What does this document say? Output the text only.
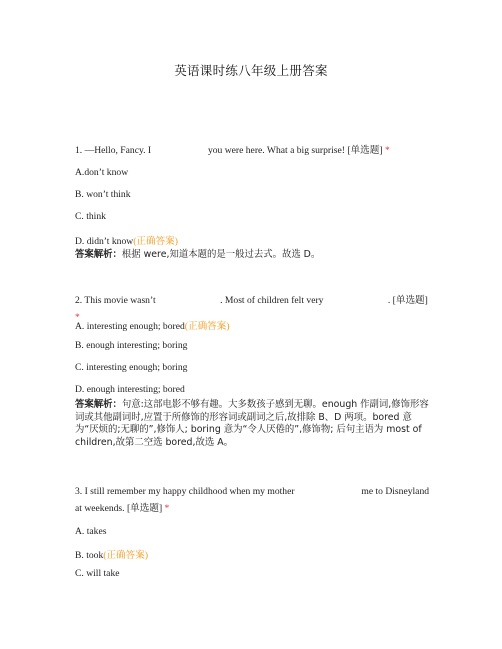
英语课时练八年级上册答案
1. —Hello, Fancy. I	you were here. What a big surprise! [单选题] *
A.don’t know
B. won’t think
C. think
D. didn’t know(正确答案)
答案解析：根据 were,知道本题的是一般过去式。故选 D。
2. This movie wasn’t	. Most of children felt very	. [单选题] *
A. interesting enough; bored(正确答案)
B. enough interesting; boring
C. interesting enough; boring
D. enough interesting; bored
答案解析：句意:这部电影不够有趣。大多数孩子感到无聊。enough 作副词,修饰形容词或其他副词时,应置于所修饰的形容词或副词之后,故排除 B、D 两项。bored 意为“厌烦的;无聊的”,修饰人; boring 意为“令人厌倦的”,修饰物; 后句主语为 most of children,故第二空选 bored,故选 A。
3. I still remember my happy childhood when my mother	me to Disneyland
at weekends. [单选题] *
A. takes
B. took(正确答案)
C. will take
